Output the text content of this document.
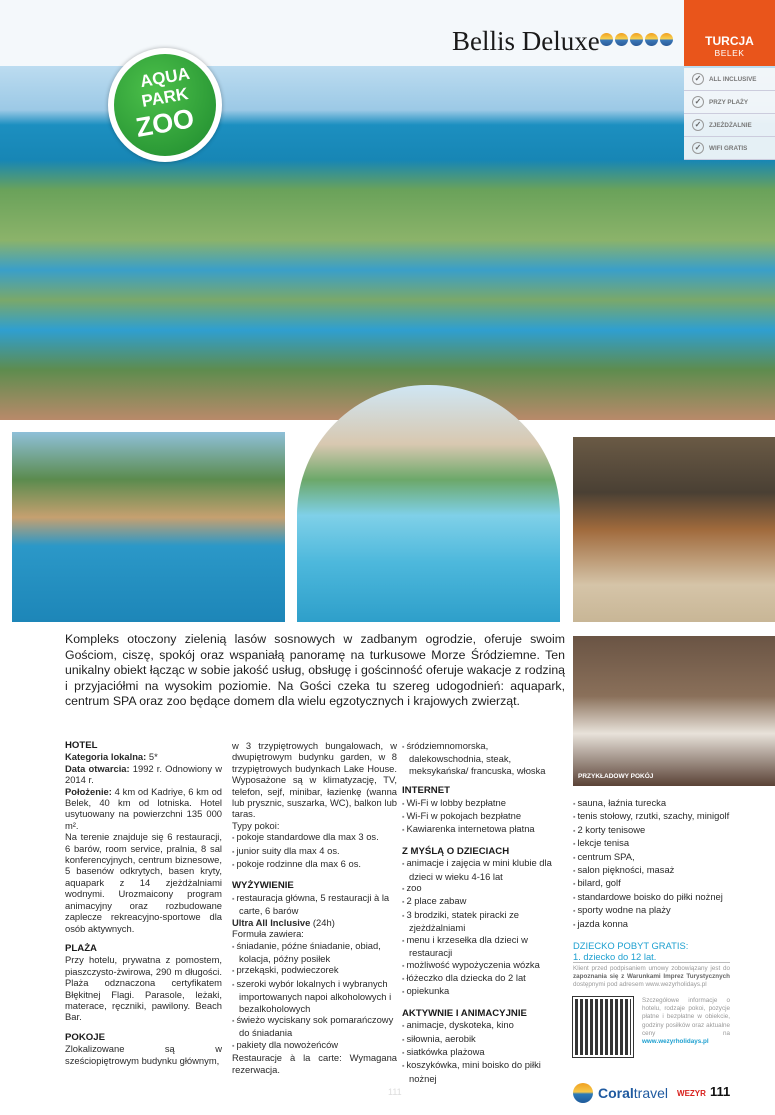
Bellis Deluxe	TURCJA
BELEK
✓	ALL INCLUSIVE
✓	PRZY PLAŻY
✓	ZJEŻDŻALNIE
✓	WIFI GRATIS
AQUA
PARK
ZOO
PRZYKŁADOWY POKÓJ

Kompleks otoczony zielenią lasów sosnowych w zadbanym ogrodzie, oferuje swoim Gościom, ciszę, spokój oraz wspaniałą panoramę na turkusowe Morze Śródziemne. Ten unikalny obiekt łącząc w sobie jakość usług, obsługę i gościnność oferuje wakacje z rodziną i przyjaciółmi na wysokim poziomie. Na Gości czeka tu szereg udogodnień: aquapark, centrum SPA oraz zoo będące domem dla wielu egzotycznych i krajowych zwierząt.

HOTEL

Kategoria lokalna: 5*

Data otwarcia: 1992 r. Odnowiony w 2014 r.

Położenie: 4 km od Kadriye, 6 km od Belek, 40 km od lotniska. Hotel usytuowany na powierzchni 135 000 m².

Na terenie znajduje się 6 restauracji, 6 barów, room service, pralnia, 8 sal konferencyjnych, centrum biznesowe, 5 basenów odkrytych, basen kryty, aquapark z 14 zjeżdżalniami wodnymi. Urozmaicony program animacyjny oraz rozbudowane zaplecze rekreacyjno-sportowe dla osób aktywnych.

PLAŻA

Przy hotelu, prywatna z pomostem, piaszczysto-żwirowa, 290 m długości. Plaża odznaczona certyfikatem Błękitnej Flagi. Parasole, leżaki, materace, ręczniki, pawilony. Beach Bar.

POKOJE

Zlokalizowane są w sześciopiętrowym budynku głównym,

w 3 trzypiętrowych bungalowach, w dwupiętrowym budynku garden, w 8 trzypiętrowych budynkach Lake House. Wyposażone są w klimatyzację, TV, telefon, sejf, minibar, łazienkę (wanna lub prysznic, suszarka, WC), balkon lub taras.

Typy pokoi:

▪ pokoje standardowe dla max 3 os.
▪ junior suity dla max 4 os.
▪ pokoje rodzinne dla max 6 os.
WYŻYWIENIE
▪ restauracja główna, 5 restauracji à la carte, 6 barów

Ultra All Inclusive (24h)

Formuła zawiera:

▪ śniadanie, późne śniadanie, obiad, kolacja, późny posiłek
▪ przekąski, podwieczorek
▪ szeroki wybór lokalnych i wybranych importowanych napoi alkoholowych i bezalkoholowych
▪ świeżo wyciskany sok pomarańczowy do śniadania
▪ pakiety dla nowożeńców

Restauracje à la carte: Wymagana rezerwacja.

▪ śródziemnomorska, dalekowschodnia, steak, meksykańska/ francuska, włoska
INTERNET
▪ Wi-Fi w lobby bezpłatne
▪ Wi-Fi w pokojach bezpłatne
▪ Kawiarenka internetowa płatna
Z MYŚLĄ O DZIECIACH
▪ animacje i zajęcia w mini klubie dla dzieci w wieku 4-16 lat
▪ zoo
▪ 2 place zabaw
▪ 3 brodziki, statek piracki ze zjeżdżalniami
▪ menu i krzesełka dla dzieci w restauracji
▪ możliwość wypożyczenia wózka
▪ łóżeczko dla dziecka do 2 lat
▪ opiekunka
AKTYWNIE I ANIMACYJNIE
▪ animacje, dyskoteka, kino
▪ siłownia, aerobik
▪ siatkówka plażowa
▪ koszykówka, mini boisko do piłki nożnej
▪ sauna, łaźnia turecka
▪ tenis stołowy, rzutki, szachy, minigolf
▪ 2 korty tenisowe
▪ lekcje tenisa
▪ centrum SPA,
▪ salon piękności, masaż
▪ bilard, golf
▪ standardowe boisko do piłki nożnej
▪ sporty wodne na plaży
▪ jazda konna
DZIECKO POBYT GRATIS:
1. dziecko do 12 lat.
Klient przed podpisaniem umowy zobowiązany jest do zapoznania się z Warunkami Imprez Turystycznych dostępnymi pod adresem www.wezyrholidays.pl
Szczegółowe informacje o hotelu, rodzaje pokoi, pozycje płatne i bezpłatne w obiekcie, godziny posiłków oraz aktualne ceny na www.wezyrholidays.pl
111	Coraltravel WEZYR 111
